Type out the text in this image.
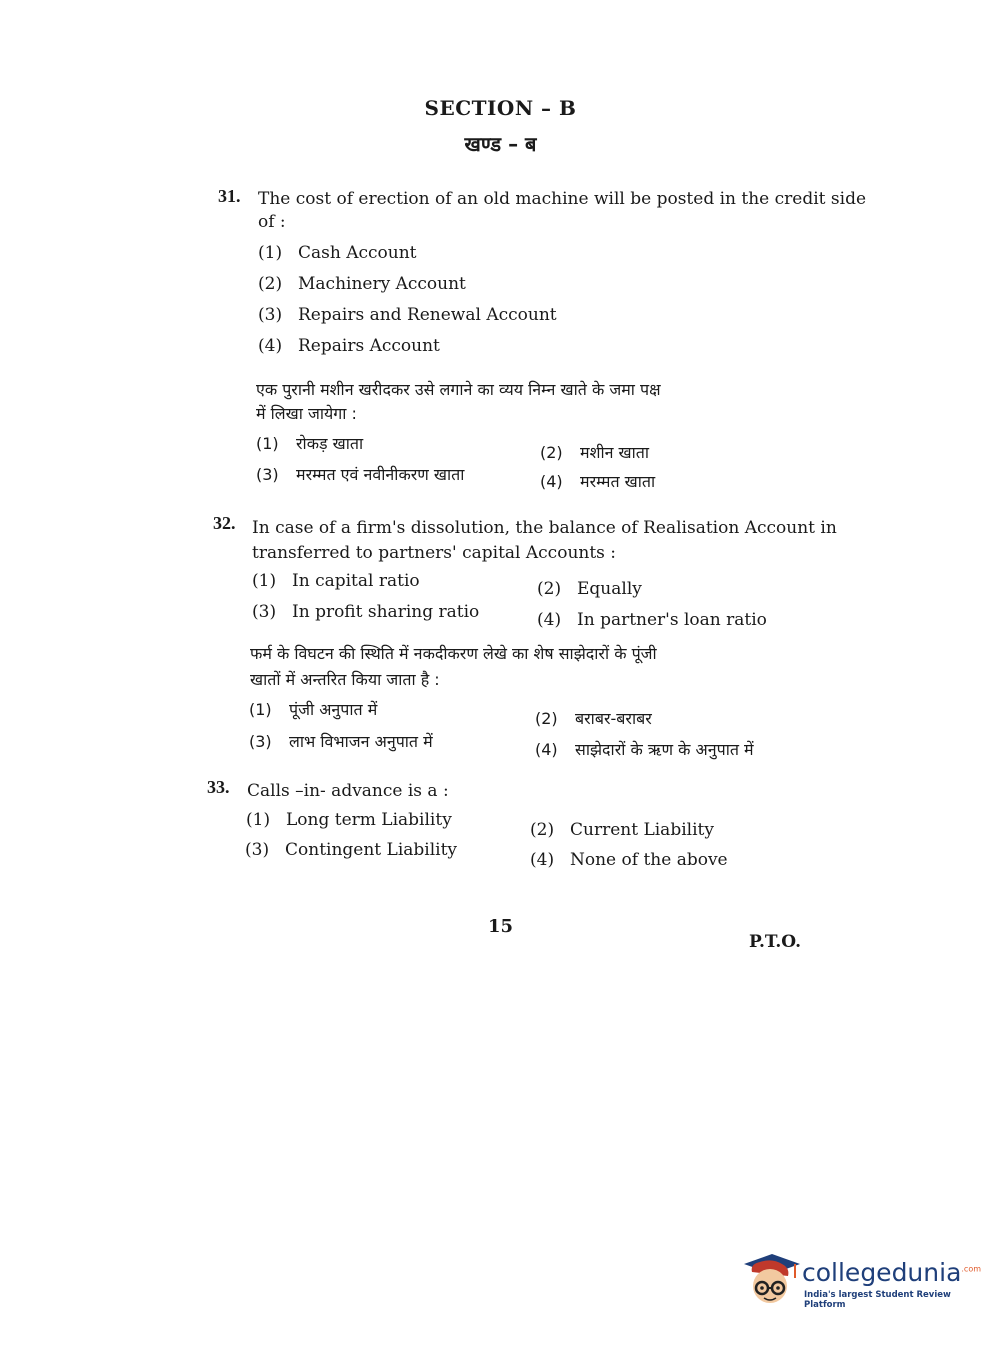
SECTION – B
खण्ड – ब
31. The cost of erection of an old machine will be posted in the credit side
of :
(1) Cash Account
(2) Machinery Account
(3) Repairs and Renewal Account
(4) Repairs Account
एक पुरानी मशीन खरीदकर उसे लगाने का व्यय निम्न खाते के जमा पक्ष
में लिखा जायेगा :
(1) रोकड़ खाता	(2) मशीन खाता
(3) मरम्मत एवं नवीनीकरण खाता	(4) मरम्मत खाता
32. In case of a firm's dissolution, the balance of Realisation Account in
transferred to partners' capital Accounts :
(1) In capital ratio	(2) Equally
(3) In profit sharing ratio	(4) In partner's loan ratio
फर्म के विघटन की स्थिति में नकदीकरण लेखे का शेष साझेदारों के पूंजी
खातों में अन्तरित किया जाता है :
(1) पूंजी अनुपात में	(2) बराबर-बराबर
(3) लाभ विभाजन अनुपात में	(4) साझेदारों के ऋण के अनुपात में
33. Calls –in- advance is a :
(1) Long term Liability	(2) Current Liability
(3) Contingent Liability	(4) None of the above
15
P.T.O.
collegedunia$^{.com}$
India's largest Student Review Platform
